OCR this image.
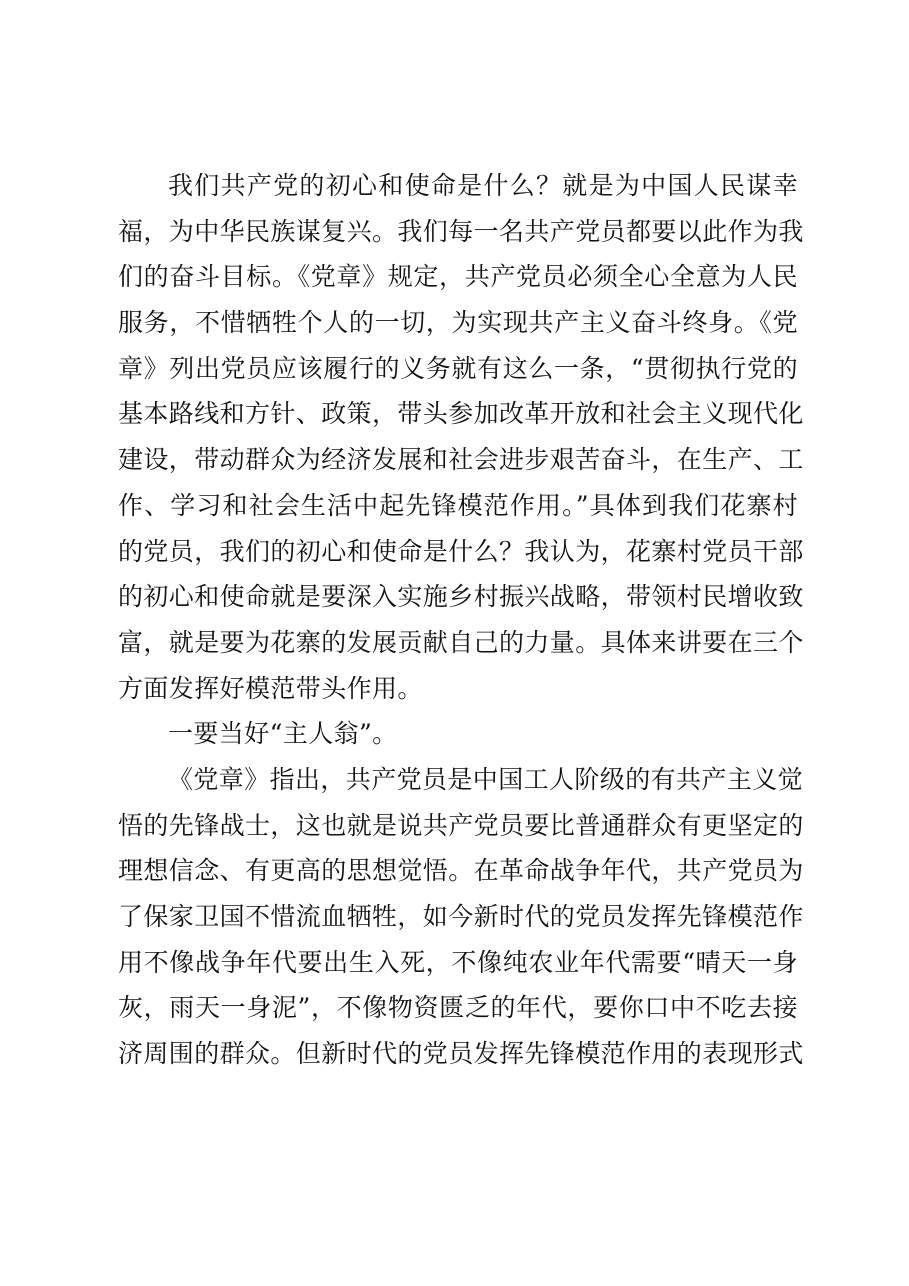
我们共产党的初心和使命是什么？就是为中国人民谋幸
福，为中华民族谋复兴。我们每一名共产党员都要以此作为我
们的奋斗目标。《党章》规定，共产党员必须全心全意为人民
服务，不惜牺牲个人的一切，为实现共产主义奋斗终身。《党
章》列出党员应该履行的义务就有这么一条，“贯彻执行党的
基本路线和方针、政策，带头参加改革开放和社会主义现代化
建设，带动群众为经济发展和社会进步艰苦奋斗，在生产、工
作、学习和社会生活中起先锋模范作用。”具体到我们花寨村
的党员，我们的初心和使命是什么？我认为，花寨村党员干部
的初心和使命就是要深入实施乡村振兴战略，带领村民增收致
富，就是要为花寨的发展贡献自己的力量。具体来讲要在三个
方面发挥好模范带头作用。
一要当好“主人翁”。
《党章》指出，共产党员是中国工人阶级的有共产主义觉
悟的先锋战士，这也就是说共产党员要比普通群众有更坚定的
理想信念、有更高的思想觉悟。在革命战争年代，共产党员为
了保家卫国不惜流血牺牲，如今新时代的党员发挥先锋模范作
用不像战争年代要出生入死，不像纯农业年代需要“晴天一身
灰，雨天一身泥”，不像物资匮乏的年代，要你口中不吃去接
济周围的群众。但新时代的党员发挥先锋模范作用的表现形式
